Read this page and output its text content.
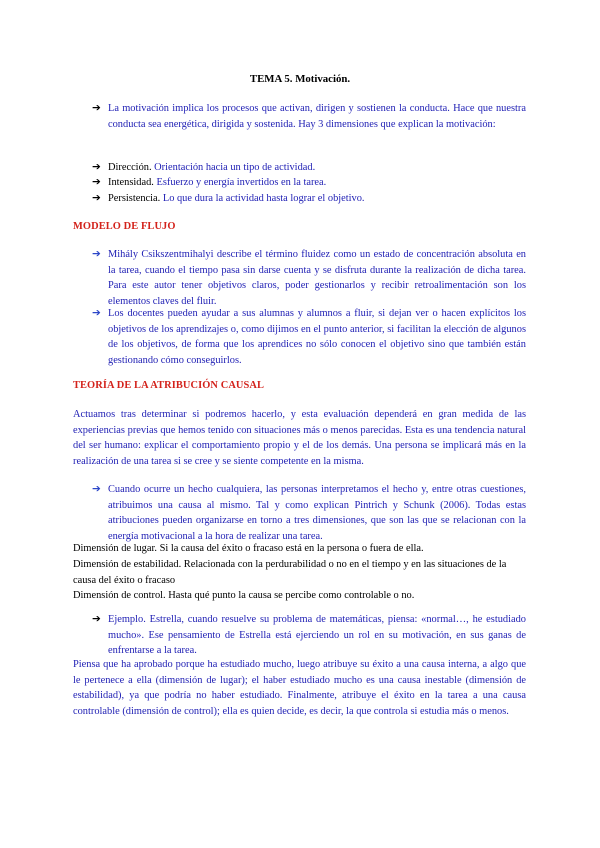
TEMA 5. Motivación.
➔ La motivación implica los procesos que activan, dirigen y sostienen la conducta. Hace que nuestra conducta sea energética, dirigida y sostenida. Hay 3 dimensiones que explican la motivación:
➔ Dirección. Orientación hacia un tipo de actividad.
➔ Intensidad. Esfuerzo y energía invertidos en la tarea.
➔ Persistencia. Lo que dura la actividad hasta lograr el objetivo.
MODELO DE FLUJO
➔ Mihály Csikszentmihalyi describe el término fluidez como un estado de concentración absoluta en la tarea, cuando el tiempo pasa sin darse cuenta y se disfruta durante la realización de dicha tarea. Para este autor tener objetivos claros, poder gestionarlos y recibir retroalimentación son los elementos claves del fluir.
➔ Los docentes pueden ayudar a sus alumnas y alumnos a fluir, si dejan ver o hacen explícitos los objetivos de los aprendizajes o, como dijimos en el punto anterior, si facilitan la elección de algunos de los objetivos, de forma que los aprendices no sólo conocen el objetivo sino que también están gestionando cómo conseguirlos.
TEORÍA DE LA ATRIBUCIÓN CAUSAL
Actuamos tras determinar si podremos hacerlo, y esta evaluación dependerá en gran medida de las experiencias previas que hemos tenido con situaciones más o menos parecidas. Esta es una tendencia natural del ser humano: explicar el comportamiento propio y el de los demás. Una persona se implicará más en la realización de una tarea si se cree y se siente competente en la misma.
➔ Cuando ocurre un hecho cualquiera, las personas interpretamos el hecho y, entre otras cuestiones, atribuimos una causa al mismo. Tal y como explican Pintrich y Schunk (2006). Todas estas atribuciones pueden organizarse en torno a tres dimensiones, que son las que se relacionan con la energía motivacional a la hora de realizar una tarea.
Dimensión de lugar. Si la causa del éxito o fracaso está en la persona o fuera de ella.
Dimensión de estabilidad. Relacionada con la perdurabilidad o no en el tiempo y en las situaciones de la causa del éxito o fracaso
Dimensión de control. Hasta qué punto la causa se percibe como controlable o no.
➔ Ejemplo. Estrella, cuando resuelve su problema de matemáticas, piensa: «normal…, he estudiado mucho». Ese pensamiento de Estrella está ejerciendo un rol en su motivación, en sus ganas de enfrentarse a la tarea.
Piensa que ha aprobado porque ha estudiado mucho, luego atribuye su éxito a una causa interna, a algo que le pertenece a ella (dimensión de lugar); el haber estudiado mucho es una causa inestable (dimensión de estabilidad), ya que podría no haber estudiado. Finalmente, atribuye el éxito en la tarea a una causa controlable (dimensión de control); ella es quien decide, es decir, la que controla si estudia más o menos.
